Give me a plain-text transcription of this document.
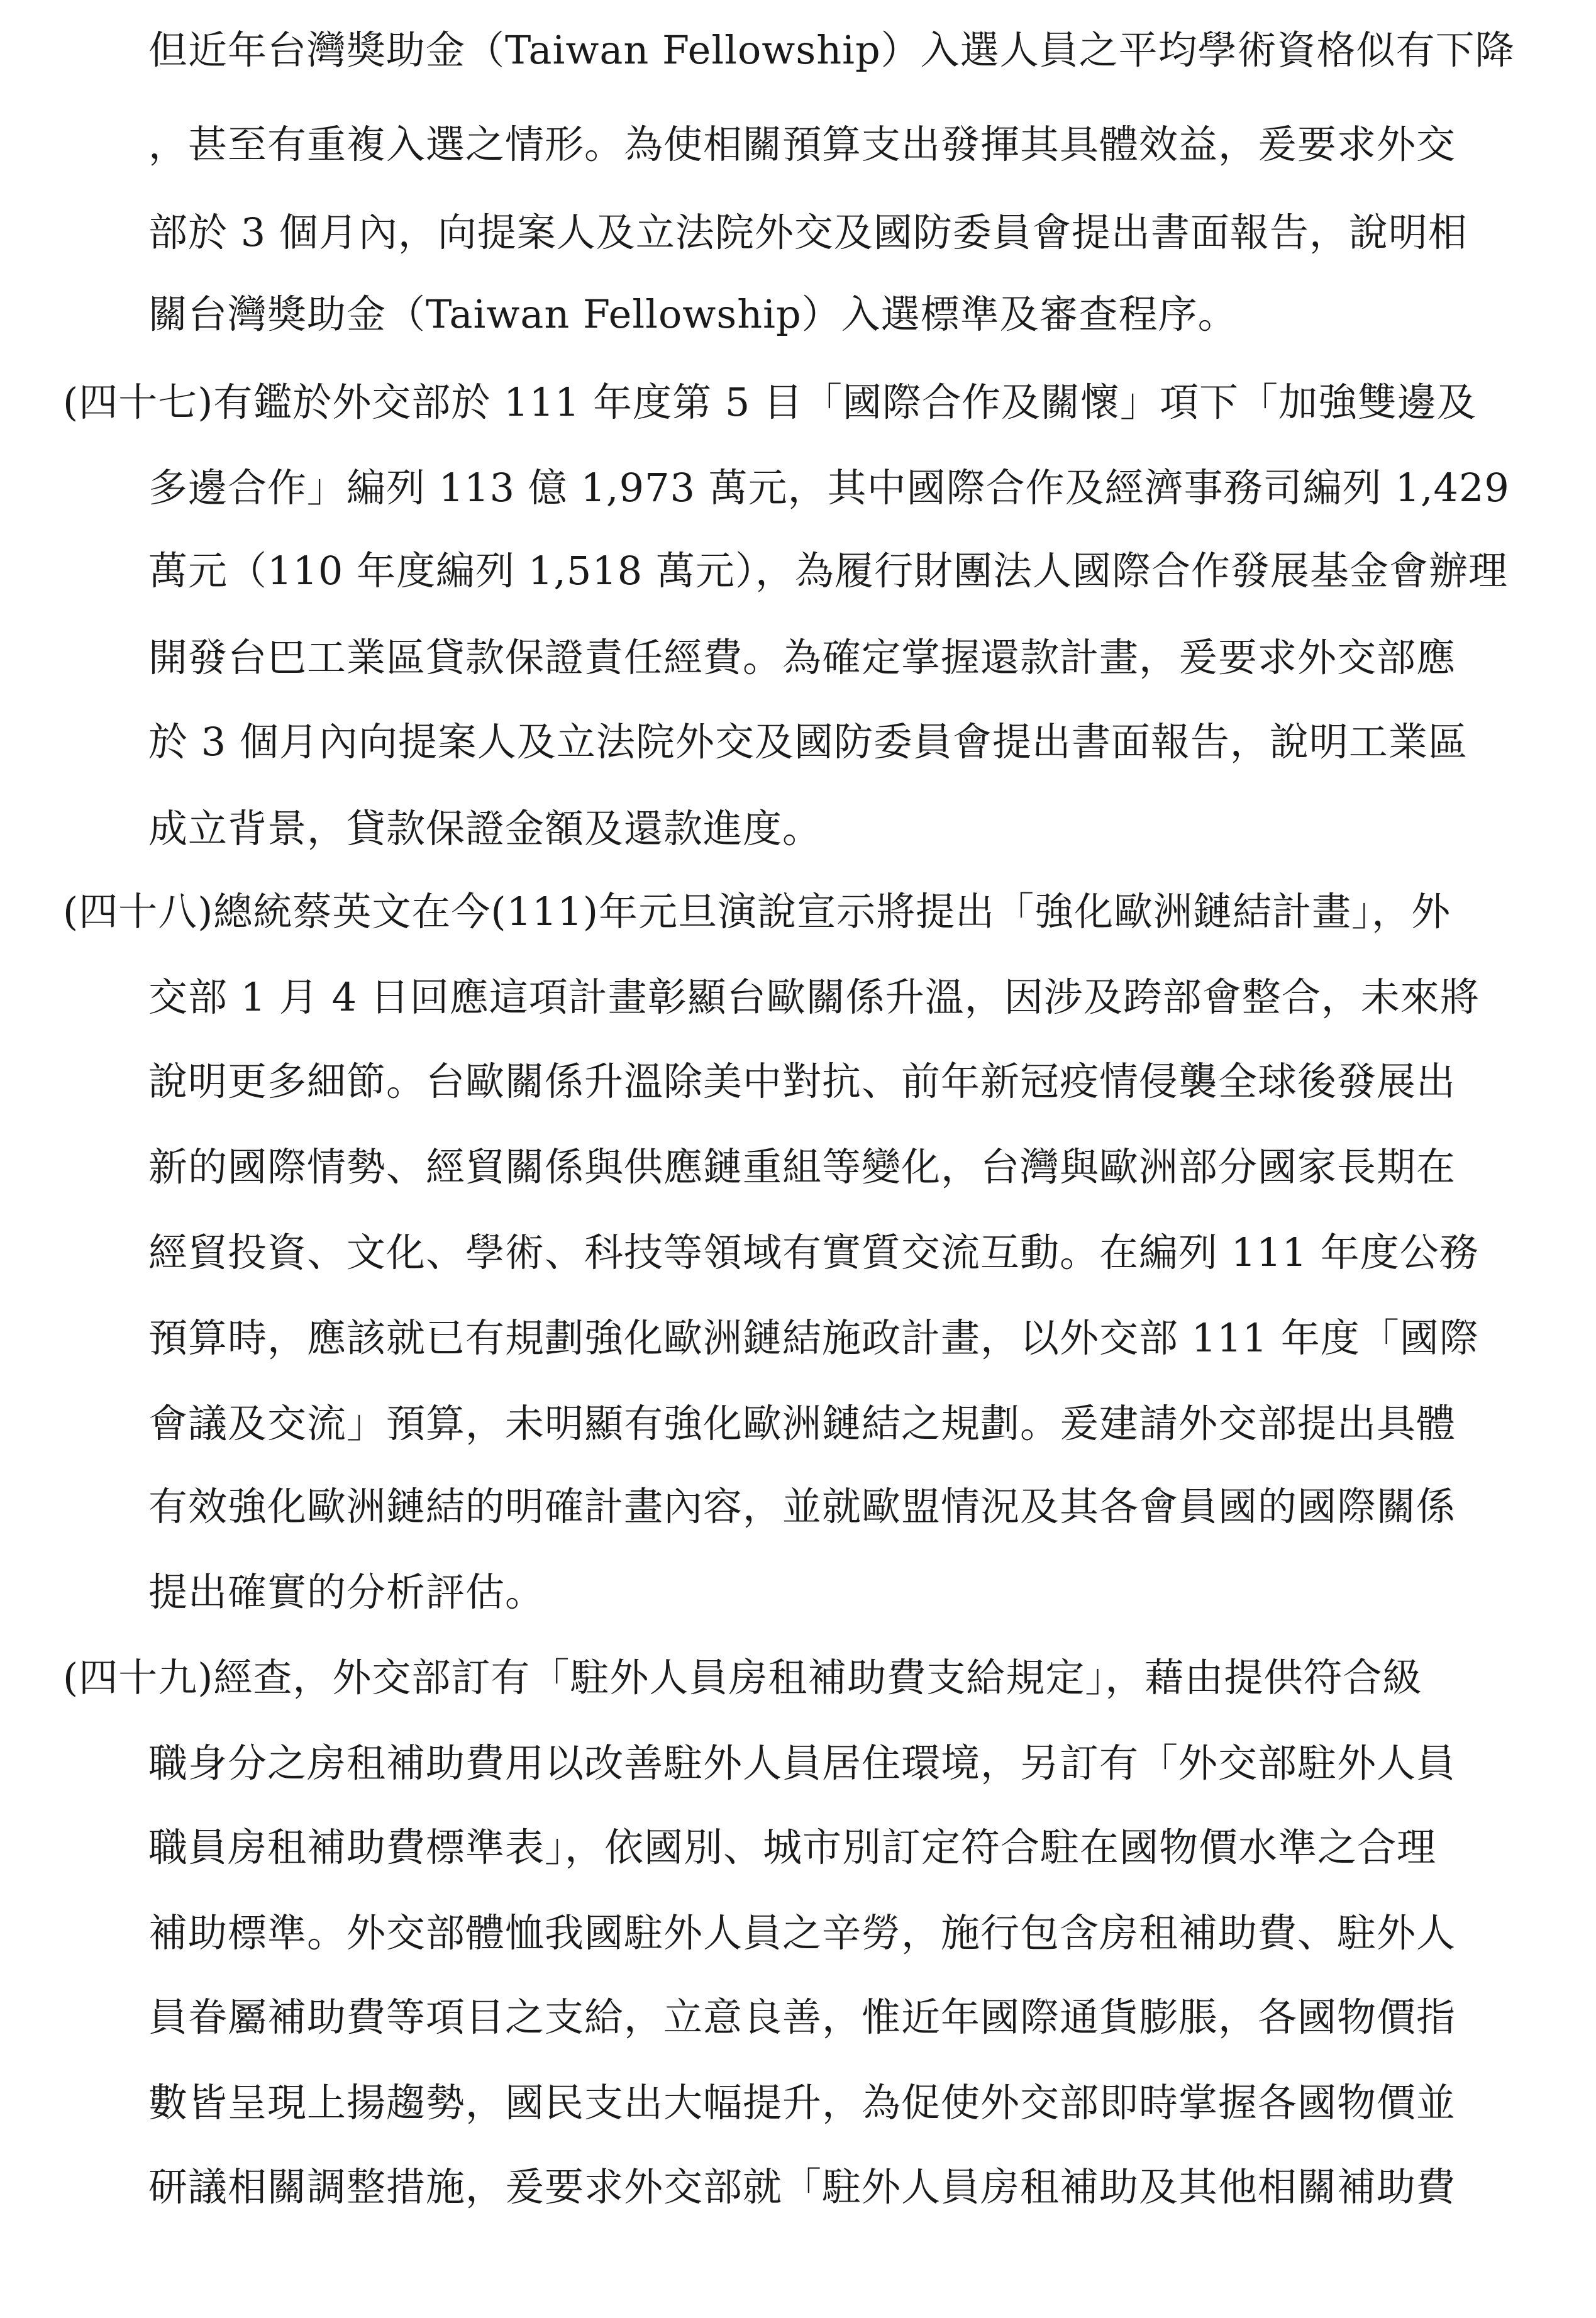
但近年台灣獎助金（Taiwan Fellowship）入選人員之平均學術資格似有下降
，甚至有重複入選之情形。為使相關預算支出發揮其具體效益，爰要求外交
部於 3 個月內，向提案人及立法院外交及國防委員會提出書面報告，說明相
關台灣獎助金（Taiwan Fellowship）入選標準及審查程序。
(四十七)有鑑於外交部於 111 年度第 5 目「國際合作及關懷」項下「加強雙邊及
多邊合作」編列 113 億 1,973 萬元，其中國際合作及經濟事務司編列 1,429
萬元（110 年度編列 1,518 萬元），為履行財團法人國際合作發展基金會辦理
開發台巴工業區貸款保證責任經費。為確定掌握還款計畫，爰要求外交部應
於 3 個月內向提案人及立法院外交及國防委員會提出書面報告，說明工業區
成立背景，貸款保證金額及還款進度。
(四十八)總統蔡英文在今(111)年元旦演說宣示將提出「強化歐洲鏈結計畫」，外
交部 1 月 4 日回應這項計畫彰顯台歐關係升溫，因涉及跨部會整合，未來將
說明更多細節。台歐關係升溫除美中對抗、前年新冠疫情侵襲全球後發展出
新的國際情勢、經貿關係與供應鏈重組等變化，台灣與歐洲部分國家長期在
經貿投資、文化、學術、科技等領域有實質交流互動。在編列 111 年度公務
預算時，應該就已有規劃強化歐洲鏈結施政計畫，以外交部 111 年度「國際
會議及交流」預算，未明顯有強化歐洲鏈結之規劃。爰建請外交部提出具體
有效強化歐洲鏈結的明確計畫內容，並就歐盟情況及其各會員國的國際關係
提出確實的分析評估。
(四十九)經查，外交部訂有「駐外人員房租補助費支給規定」，藉由提供符合級
職身分之房租補助費用以改善駐外人員居住環境，另訂有「外交部駐外人員
職員房租補助費標準表」，依國別、城市別訂定符合駐在國物價水準之合理
補助標準。外交部體恤我國駐外人員之辛勞，施行包含房租補助費、駐外人
員眷屬補助費等項目之支給，立意良善，惟近年國際通貨膨脹，各國物價指
數皆呈現上揚趨勢，國民支出大幅提升，為促使外交部即時掌握各國物價並
研議相關調整措施，爰要求外交部就「駐外人員房租補助及其他相關補助費
